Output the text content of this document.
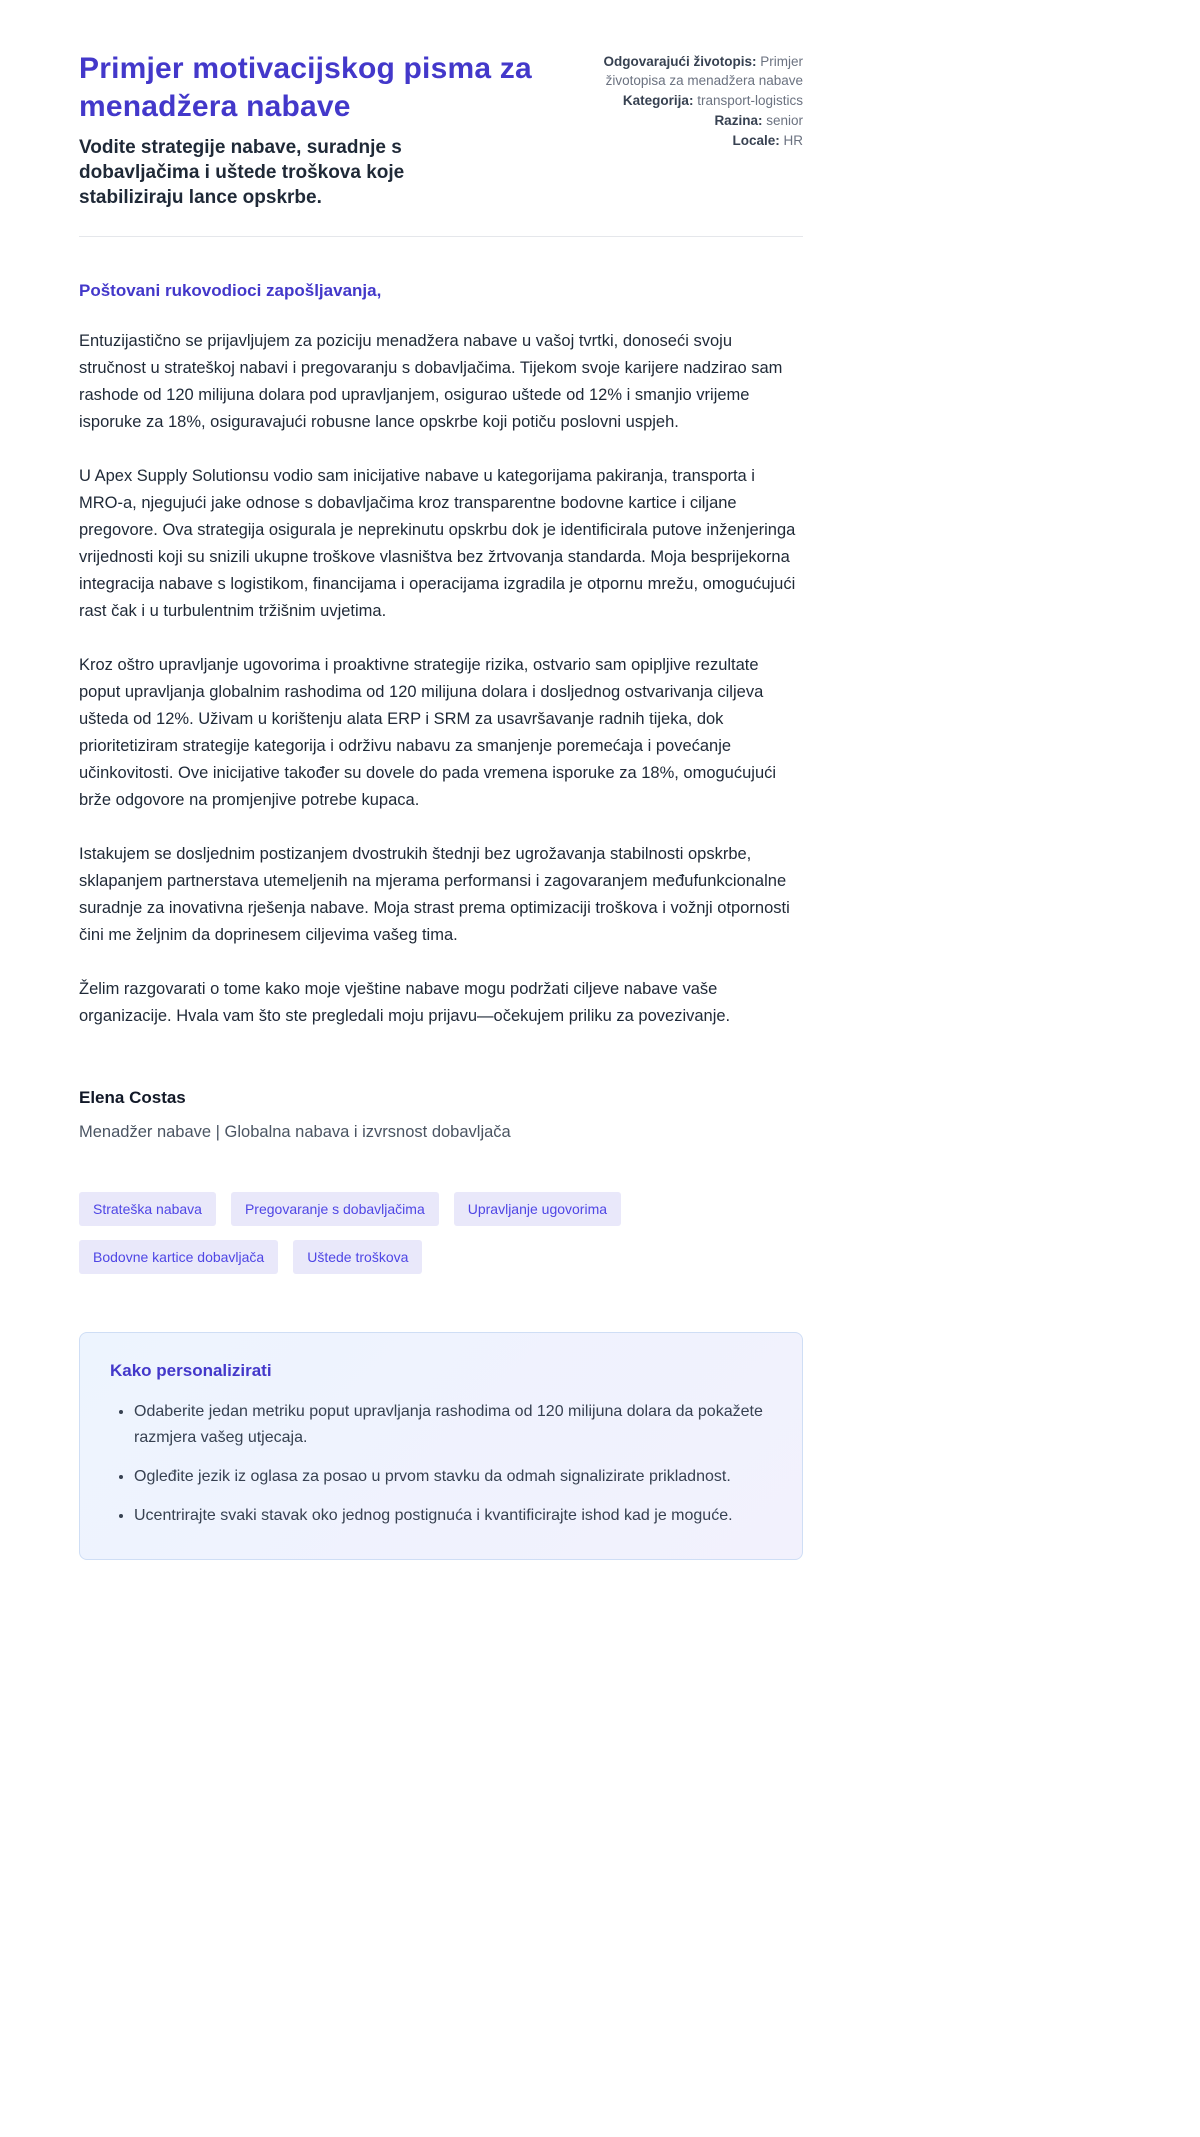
Primjer motivacijskog pisma za menadžera nabave
Vodite strategije nabave, suradnje s dobavljačima i uštede troškova koje stabiliziraju lance opskrbe.
Odgovarajući životopis: Primjer životopisa za menadžera nabave
Kategorija: transport-logistics
Razina: senior
Locale: HR
Poštovani rukovodioci zapošljavanja,

Entuzijastično se prijavljujem za poziciju menadžera nabave u vašoj tvrtki, donoseći svoju stručnost u strateškoj nabavi i pregovaranju s dobavljačima. Tijekom svoje karijere nadzirao sam rashode od 120 milijuna dolara pod upravljanjem, osigurao uštede od 12% i smanjio vrijeme isporuke za 18%, osiguravajući robusne lance opskrbe koji potiču poslovni uspjeh.

U Apex Supply Solutionsu vodio sam inicijative nabave u kategorijama pakiranja, transporta i MRO-a, njegujući jake odnose s dobavljačima kroz transparentne bodovne kartice i ciljane pregovore. Ova strategija osigurala je neprekinutu opskrbu dok je identificirala putove inženjeringa vrijednosti koji su snizili ukupne troškove vlasništva bez žrtvovanja standarda. Moja besprijekorna integracija nabave s logistikom, financijama i operacijama izgradila je otpornu mrežu, omogućujući rast čak i u turbulentnim tržišnim uvjetima.

Kroz oštro upravljanje ugovorima i proaktivne strategije rizika, ostvario sam opipljive rezultate poput upravljanja globalnim rashodima od 120 milijuna dolara i dosljednog ostvarivanja ciljeva ušteda od 12%. Uživam u korištenju alata ERP i SRM za usavršavanje radnih tijeka, dok prioritetiziram strategije kategorija i održivu nabavu za smanjenje poremećaja i povećanje učinkovitosti. Ove inicijative također su dovele do pada vremena isporuke za 18%, omogućujući brže odgovore na promjenjive potrebe kupaca.

Istakujem se dosljednim postizanjem dvostrukih štednji bez ugrožavanja stabilnosti opskrbe, sklapanjem partnerstava utemeljenih na mjerama performansi i zagovaranjem međufunkcionalne suradnje za inovativna rješenja nabave. Moja strast prema optimizaciji troškova i vožnji otpornosti čini me željnim da doprinesem ciljevima vašeg tima.

Želim razgovarati o tome kako moje vještine nabave mogu podržati ciljeve nabave vaše organizacije. Hvala vam što ste pregledali moju prijavu—očekujem priliku za povezivanje.

Elena Costas
Menadžer nabave | Globalna nabava i izvrsnost dobavljača
Strateška nabava	Pregovaranje s dobavljačima	Upravljanje ugovorima
Bodovne kartice dobavljača	Uštede troškova
Kako personalizirati
• Odaberite jedan metriku poput upravljanja rashodima od 120 milijuna dolara da pokažete razmjera vašeg utjecaja.
• Ogleđite jezik iz oglasa za posao u prvom stavku da odmah signalizirate prikladnost.
• Ucentrirajte svaki stavak oko jednog postignuća i kvantificirajte ishod kad je moguće.
